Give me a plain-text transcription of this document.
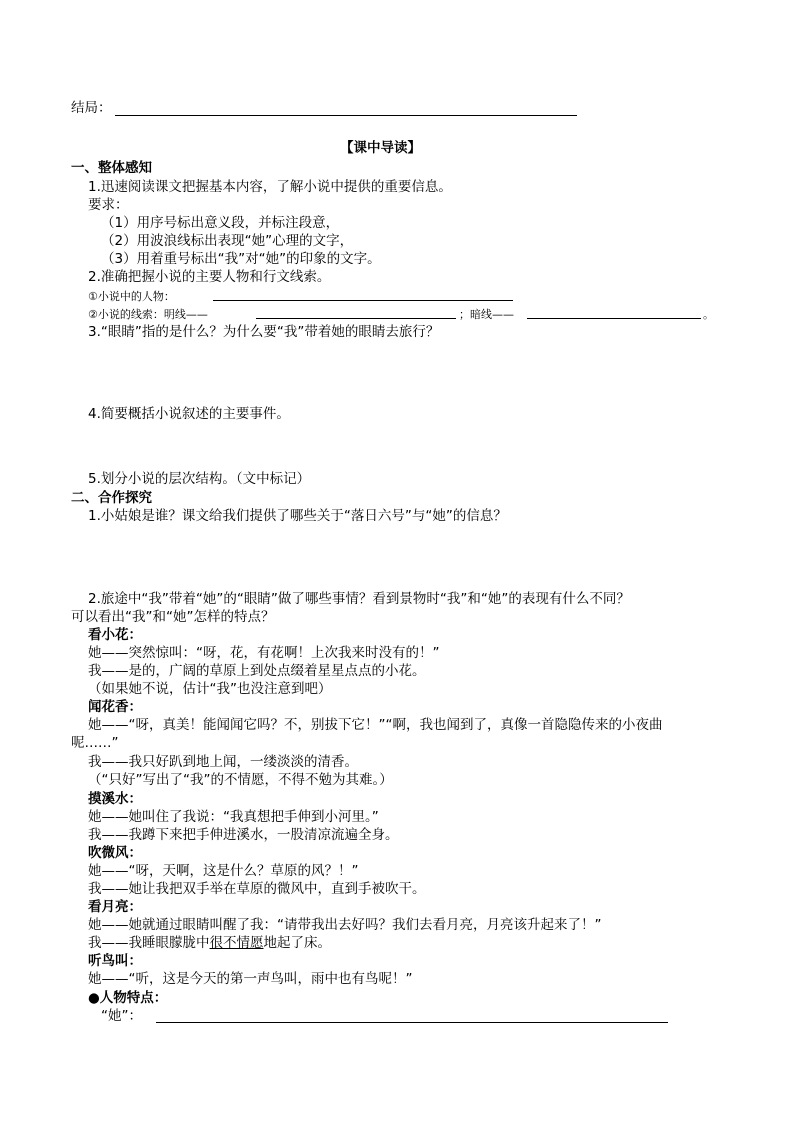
结局：
【课中导读】
一、整体感知
1.迅速阅读课文把握基本内容，了解小说中提供的重要信息。
要求：
（1）用序号标出意义段，并标注段意，
（2）用波浪线标出表现“她”心理的文字，
（3）用着重号标出“我”对“她”的印象的文字。
2.准确把握小说的主要人物和行文线索。
①小说中的人物：
②小说的线索：明线——	；暗线——	。
3.“眼睛”指的是什么？为什么要“我”带着她的眼睛去旅行？
4.简要概括小说叙述的主要事件。
5.划分小说的层次结构。（文中标记）
二、合作探究
1.小姑娘是谁？课文给我们提供了哪些关于“落日六号”与“她”的信息？
2.旅途中“我”带着“她”的“眼睛”做了哪些事情？看到景物时“我”和“她”的表现有什么不同？
可以看出“我”和“她”怎样的特点？
看小花：
她——突然惊叫：“呀，花，有花啊！上次我来时没有的！”
我——是的，广阔的草原上到处点缀着星星点点的小花。
（如果她不说，估计“我”也没注意到吧）
闻花香：
她——“呀，真美！能闻闻它吗？不，别拔下它！”“啊，我也闻到了，真像一首隐隐传来的小夜曲
呢……”
我——我只好趴到地上闻，一缕淡淡的清香。
（“只好”写出了“我”的不情愿，不得不勉为其难。）
摸溪水：
她——她叫住了我说：“我真想把手伸到小河里。”
我——我蹲下来把手伸进溪水，一股清凉流遍全身。
吹微风：
她——“呀，天啊，这是什么？草原的风？！”
我——她让我把双手举在草原的微风中，直到手被吹干。
看月亮：
她——她就通过眼睛叫醒了我：“请带我出去好吗？我们去看月亮，月亮该升起来了！”
我——我睡眼朦胧中很不情愿地起了床。
听鸟叫：
她——“听，这是今天的第一声鸟叫，雨中也有鸟呢！”
●人物特点：
“她”：
